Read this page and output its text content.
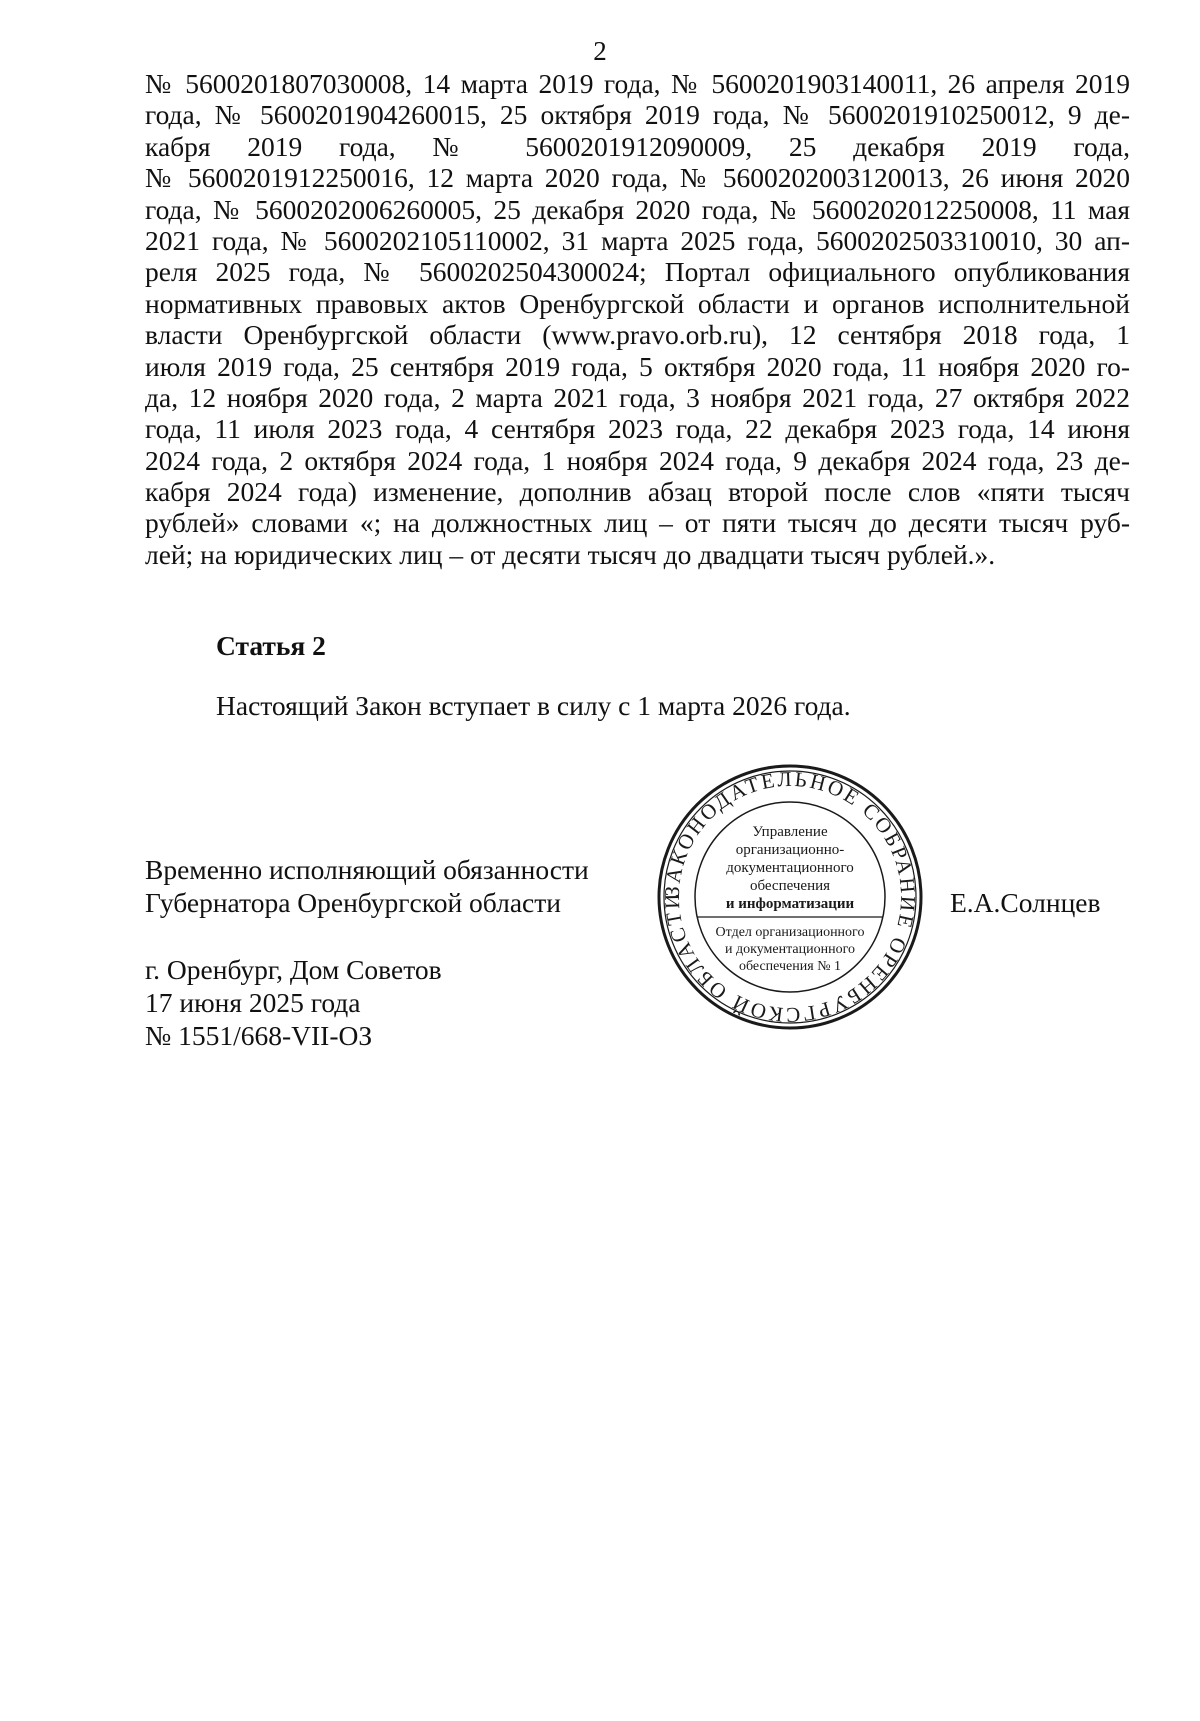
2
№ 5600201807030008, 14 марта 2019 года, № 5600201903140011, 26 апреля 2019
года, № 5600201904260015, 25 октября 2019 года, № 5600201910250012, 9 де-
кабря 2019 года, № 5600201912090009, 25 декабря 2019 года,
№ 5600201912250016, 12 марта 2020 года, № 5600202003120013, 26 июня 2020
года, № 5600202006260005, 25 декабря 2020 года, № 5600202012250008, 11 мая
2021 года, № 5600202105110002, 31 марта 2025 года, 5600202503310010, 30 ап-
реля 2025 года, № 5600202504300024; Портал официального опубликования
нормативных правовых актов Оренбургской области и органов исполнительной
власти Оренбургской области (www.pravo.orb.ru), 12 сентября 2018 года, 1
июля 2019 года, 25 сентября 2019 года, 5 октября 2020 года, 11 ноября 2020 го-
да, 12 ноября 2020 года, 2 марта 2021 года, 3 ноября 2021 года, 27 октября 2022
года, 11 июля 2023 года, 4 сентября 2023 года, 22 декабря 2023 года, 14 июня
2024 года, 2 октября 2024 года, 1 ноября 2024 года, 9 декабря 2024 года, 23 де-
кабря 2024 года) изменение, дополнив абзац второй после слов «пяти тысяч
рублей» словами «; на должностных лиц – от пяти тысяч до десяти тысяч руб-
лей; на юридических лиц – от десяти тысяч до двадцати тысяч рублей.».
Статья 2
Настоящий Закон вступает в силу с 1 марта 2026 года.
Временно исполняющий обязанности
Губернатора Оренбургской области	Е.А.Солнцев
г. Оренбург, Дом Советов
17 июня 2025 года
№ 1551/668-VII-ОЗ
ЗАКОНОДАТЕЛЬНОЕ СОБРАНИЕ ОРЕНБУРГСКОЙ ОБЛАСТИ
Управление
организационно-
документационного
обеспечения
и информатизации
Отдел организационного
и документационного
обеспечения № 1
